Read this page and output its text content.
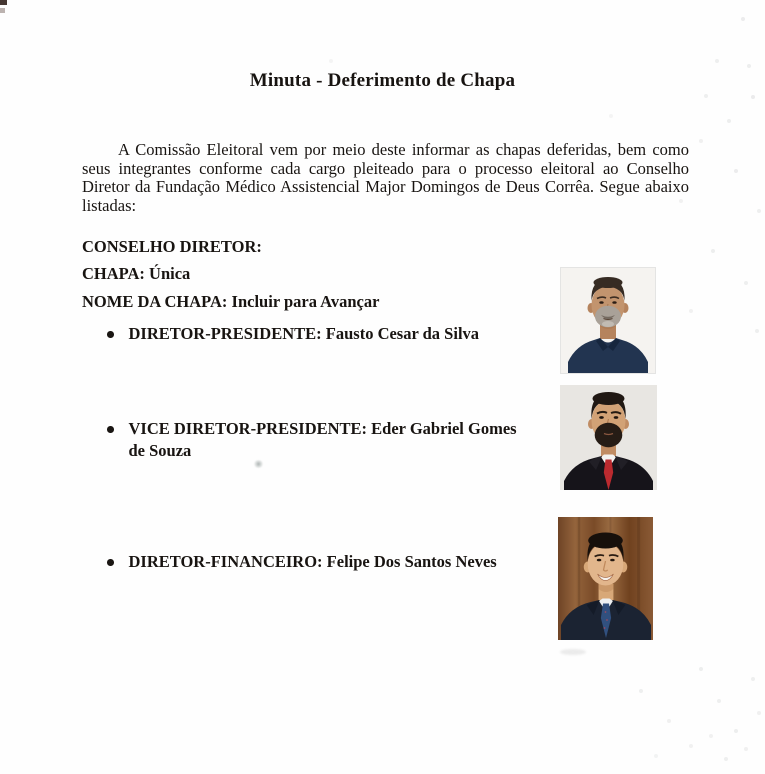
Minuta - Deferimento de Chapa
A Comissão Eleitoral vem por meio deste informar as chapas deferidas, bem como
seus integrantes conforme cada cargo pleiteado para o processo eleitoral ao Conselho
Diretor da Fundação Médico Assistencial Major Domingos de Deus Corrêa. Segue abaixo
listadas:

CONSELHO DIRETOR:

CHAPA: Única

NOME DA CHAPA: Incluir para Avançar

DIRETOR-PRESIDENTE: Fausto Cesar da Silva
VICE DIRETOR-PRESIDENTE: Eder Gabriel Gomes de Souza
DIRETOR-FINANCEIRO: Felipe Dos Santos Neves
